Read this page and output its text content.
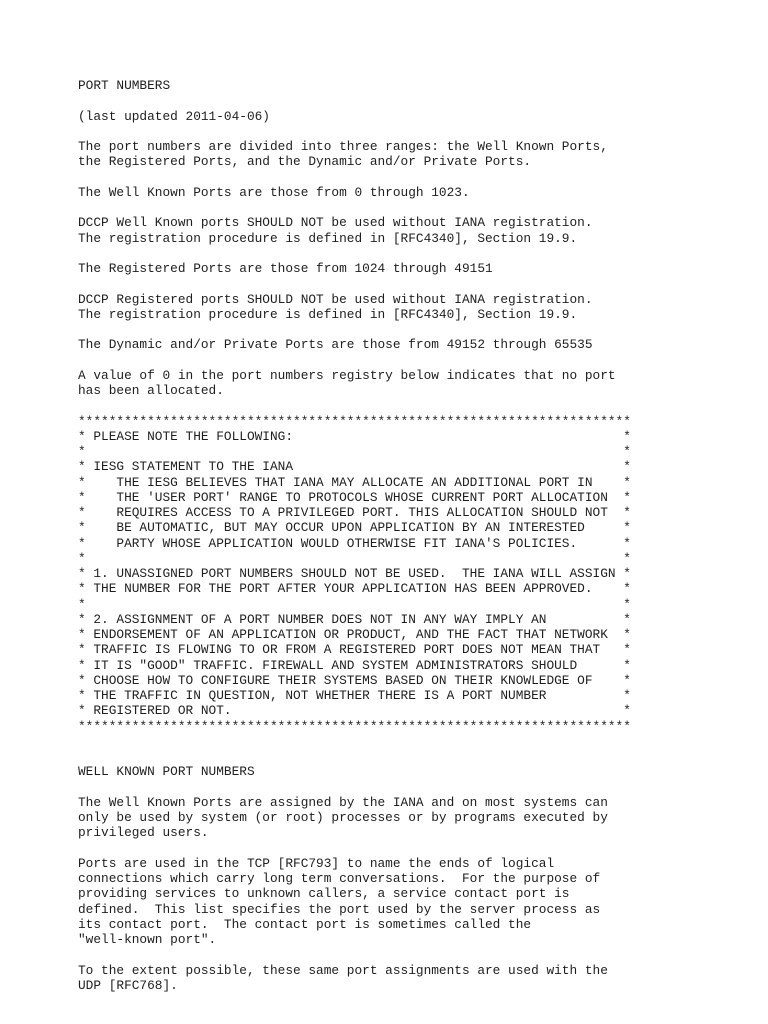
PORT NUMBERS
(last updated 2011-04-06)
The port numbers are divided into three ranges: the Well Known Ports,
the Registered Ports, and the Dynamic and/or Private Ports.
The Well Known Ports are those from 0 through 1023.
DCCP Well Known ports SHOULD NOT be used without IANA registration.
The registration procedure is defined in [RFC4340], Section 19.9.
The Registered Ports are those from 1024 through 49151
DCCP Registered ports SHOULD NOT be used without IANA registration.
The registration procedure is defined in [RFC4340], Section 19.9.
The Dynamic and/or Private Ports are those from 49152 through 65535
A value of 0 in the port numbers registry below indicates that no port
has been allocated.
************************************************************************
* PLEASE NOTE THE FOLLOWING:                                           *
*                                                                      *
* IESG STATEMENT TO THE IANA                                           *
*    THE IESG BELIEVES THAT IANA MAY ALLOCATE AN ADDITIONAL PORT IN    *
*    THE 'USER PORT' RANGE TO PROTOCOLS WHOSE CURRENT PORT ALLOCATION  *
*    REQUIRES ACCESS TO A PRIVILEGED PORT. THIS ALLOCATION SHOULD NOT  *
*    BE AUTOMATIC, BUT MAY OCCUR UPON APPLICATION BY AN INTERESTED     *
*    PARTY WHOSE APPLICATION WOULD OTHERWISE FIT IANA'S POLICIES.      *
*                                                                      *
* 1. UNASSIGNED PORT NUMBERS SHOULD NOT BE USED.  THE IANA WILL ASSIGN *
* THE NUMBER FOR THE PORT AFTER YOUR APPLICATION HAS BEEN APPROVED.    *
*                                                                      *
* 2. ASSIGNMENT OF A PORT NUMBER DOES NOT IN ANY WAY IMPLY AN          *
* ENDORSEMENT OF AN APPLICATION OR PRODUCT, AND THE FACT THAT NETWORK  *
* TRAFFIC IS FLOWING TO OR FROM A REGISTERED PORT DOES NOT MEAN THAT   *
* IT IS "GOOD" TRAFFIC. FIREWALL AND SYSTEM ADMINISTRATORS SHOULD      *
* CHOOSE HOW TO CONFIGURE THEIR SYSTEMS BASED ON THEIR KNOWLEDGE OF    *
* THE TRAFFIC IN QUESTION, NOT WHETHER THERE IS A PORT NUMBER          *
* REGISTERED OR NOT.                                                   *
************************************************************************
WELL KNOWN PORT NUMBERS
The Well Known Ports are assigned by the IANA and on most systems can
only be used by system (or root) processes or by programs executed by
privileged users.
Ports are used in the TCP [RFC793] to name the ends of logical
connections which carry long term conversations.  For the purpose of
providing services to unknown callers, a service contact port is
defined.  This list specifies the port used by the server process as
its contact port.  The contact port is sometimes called the
"well-known port".
To the extent possible, these same port assignments are used with the
UDP [RFC768].
